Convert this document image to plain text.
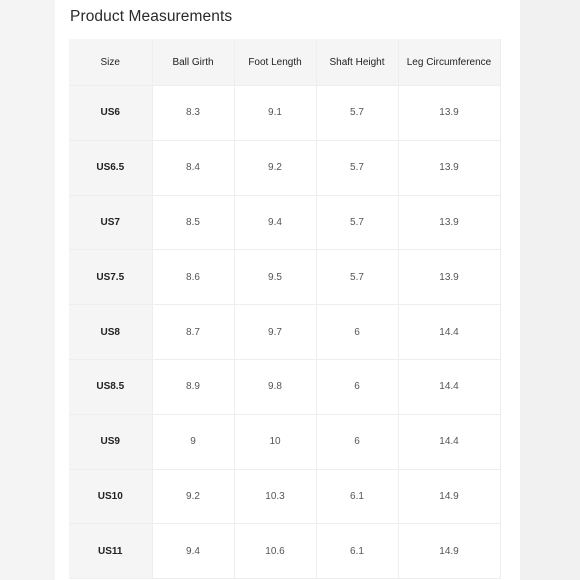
Product Measurements
Size	Ball Girth	Foot Length	Shaft Height	Leg Circumference
US6	8.3	9.1	5.7	13.9
US6.5	8.4	9.2	5.7	13.9
US7	8.5	9.4	5.7	13.9
US7.5	8.6	9.5	5.7	13.9
US8	8.7	9.7	6	14.4
US8.5	8.9	9.8	6	14.4
US9	9	10	6	14.4
US10	9.2	10.3	6.1	14.9
US11	9.4	10.6	6.1	14.9
